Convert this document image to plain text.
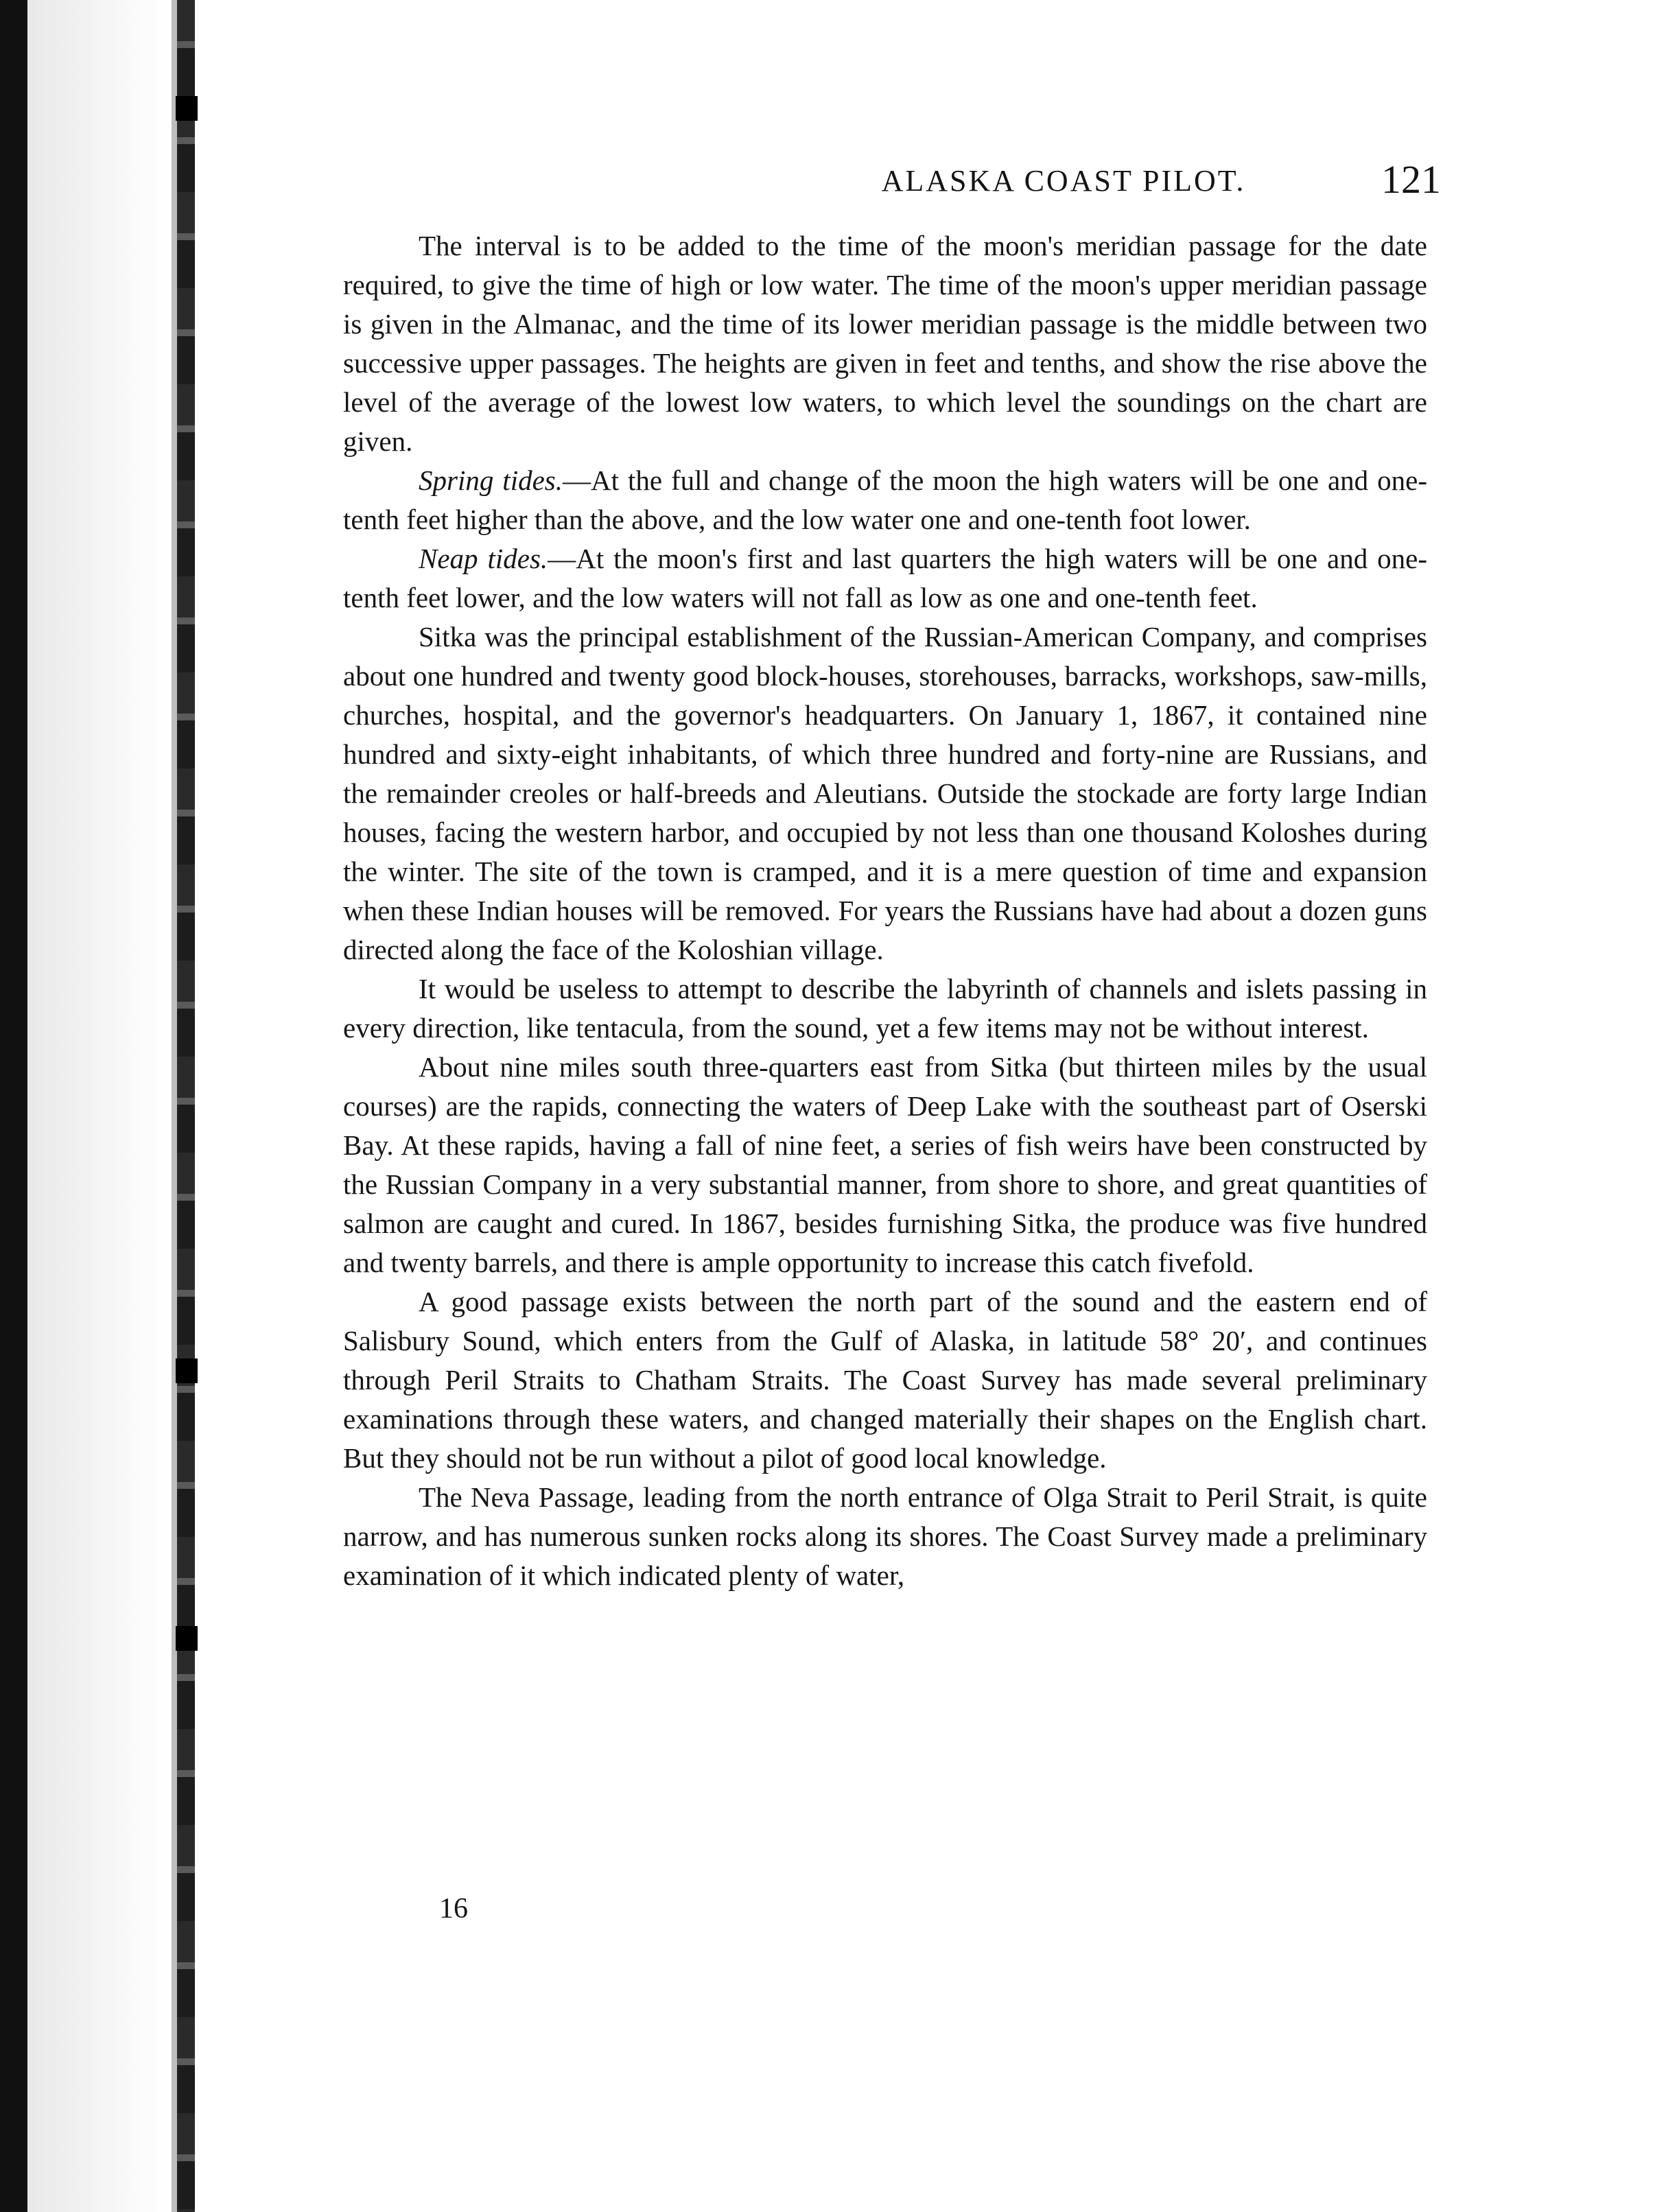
ALASKA COAST PILOT.	121

The interval is to be added to the time of the moon's meridian passage for the date required, to give the time of high or low water. The time of the moon's upper meridian passage is given in the Almanac, and the time of its lower meridian passage is the middle between two successive upper passages. The heights are given in feet and tenths, and show the rise above the level of the average of the lowest low waters, to which level the soundings on the chart are given.

Spring tides.—At the full and change of the moon the high waters will be one and one-tenth feet higher than the above, and the low water one and one-tenth foot lower.

Neap tides.—At the moon's first and last quarters the high waters will be one and one-tenth feet lower, and the low waters will not fall as low as one and one-tenth feet.

Sitka was the principal establishment of the Russian-American Company, and comprises about one hundred and twenty good block-houses, storehouses, barracks, workshops, saw-mills, churches, hospital, and the governor's headquarters. On January 1, 1867, it contained nine hundred and sixty-eight inhabitants, of which three hundred and forty-nine are Russians, and the remainder creoles or half-breeds and Aleutians. Outside the stockade are forty large Indian houses, facing the western harbor, and occupied by not less than one thousand Koloshes during the winter. The site of the town is cramped, and it is a mere question of time and expansion when these Indian houses will be removed. For years the Russians have had about a dozen guns directed along the face of the Koloshian village.

It would be useless to attempt to describe the labyrinth of channels and islets passing in every direction, like tentacula, from the sound, yet a few items may not be without interest.

About nine miles south three-quarters east from Sitka (but thirteen miles by the usual courses) are the rapids, connecting the waters of Deep Lake with the southeast part of Oserski Bay. At these rapids, having a fall of nine feet, a series of fish weirs have been constructed by the Russian Company in a very substantial manner, from shore to shore, and great quantities of salmon are caught and cured. In 1867, besides furnishing Sitka, the produce was five hundred and twenty barrels, and there is ample opportunity to increase this catch fivefold.

A good passage exists between the north part of the sound and the eastern end of Salisbury Sound, which enters from the Gulf of Alaska, in latitude 58° 20′, and continues through Peril Straits to Chatham Straits. The Coast Survey has made several preliminary examinations through these waters, and changed materially their shapes on the English chart. But they should not be run without a pilot of good local knowledge.

The Neva Passage, leading from the north entrance of Olga Strait to Peril Strait, is quite narrow, and has numerous sunken rocks along its shores. The Coast Survey made a preliminary examination of it which indicated plenty of water,

16
